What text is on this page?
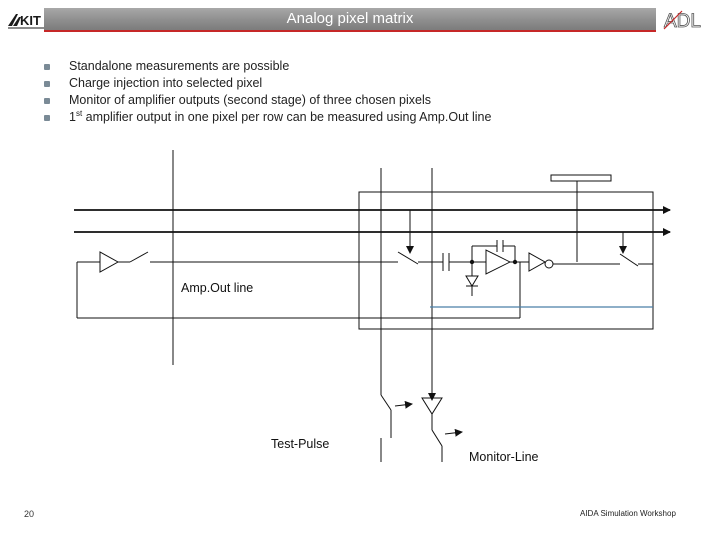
KIT	Analog pixel matrix	ADL
Standalone measurements are possible
Charge injection into selected pixel
Monitor of amplifier outputs (second stage) of three chosen pixels
1st amplifier output in one pixel per row can be measured using Amp.Out line
Amp.Out line
Test-Pulse
Monitor-Line
20	AIDA Simulation Workshop
